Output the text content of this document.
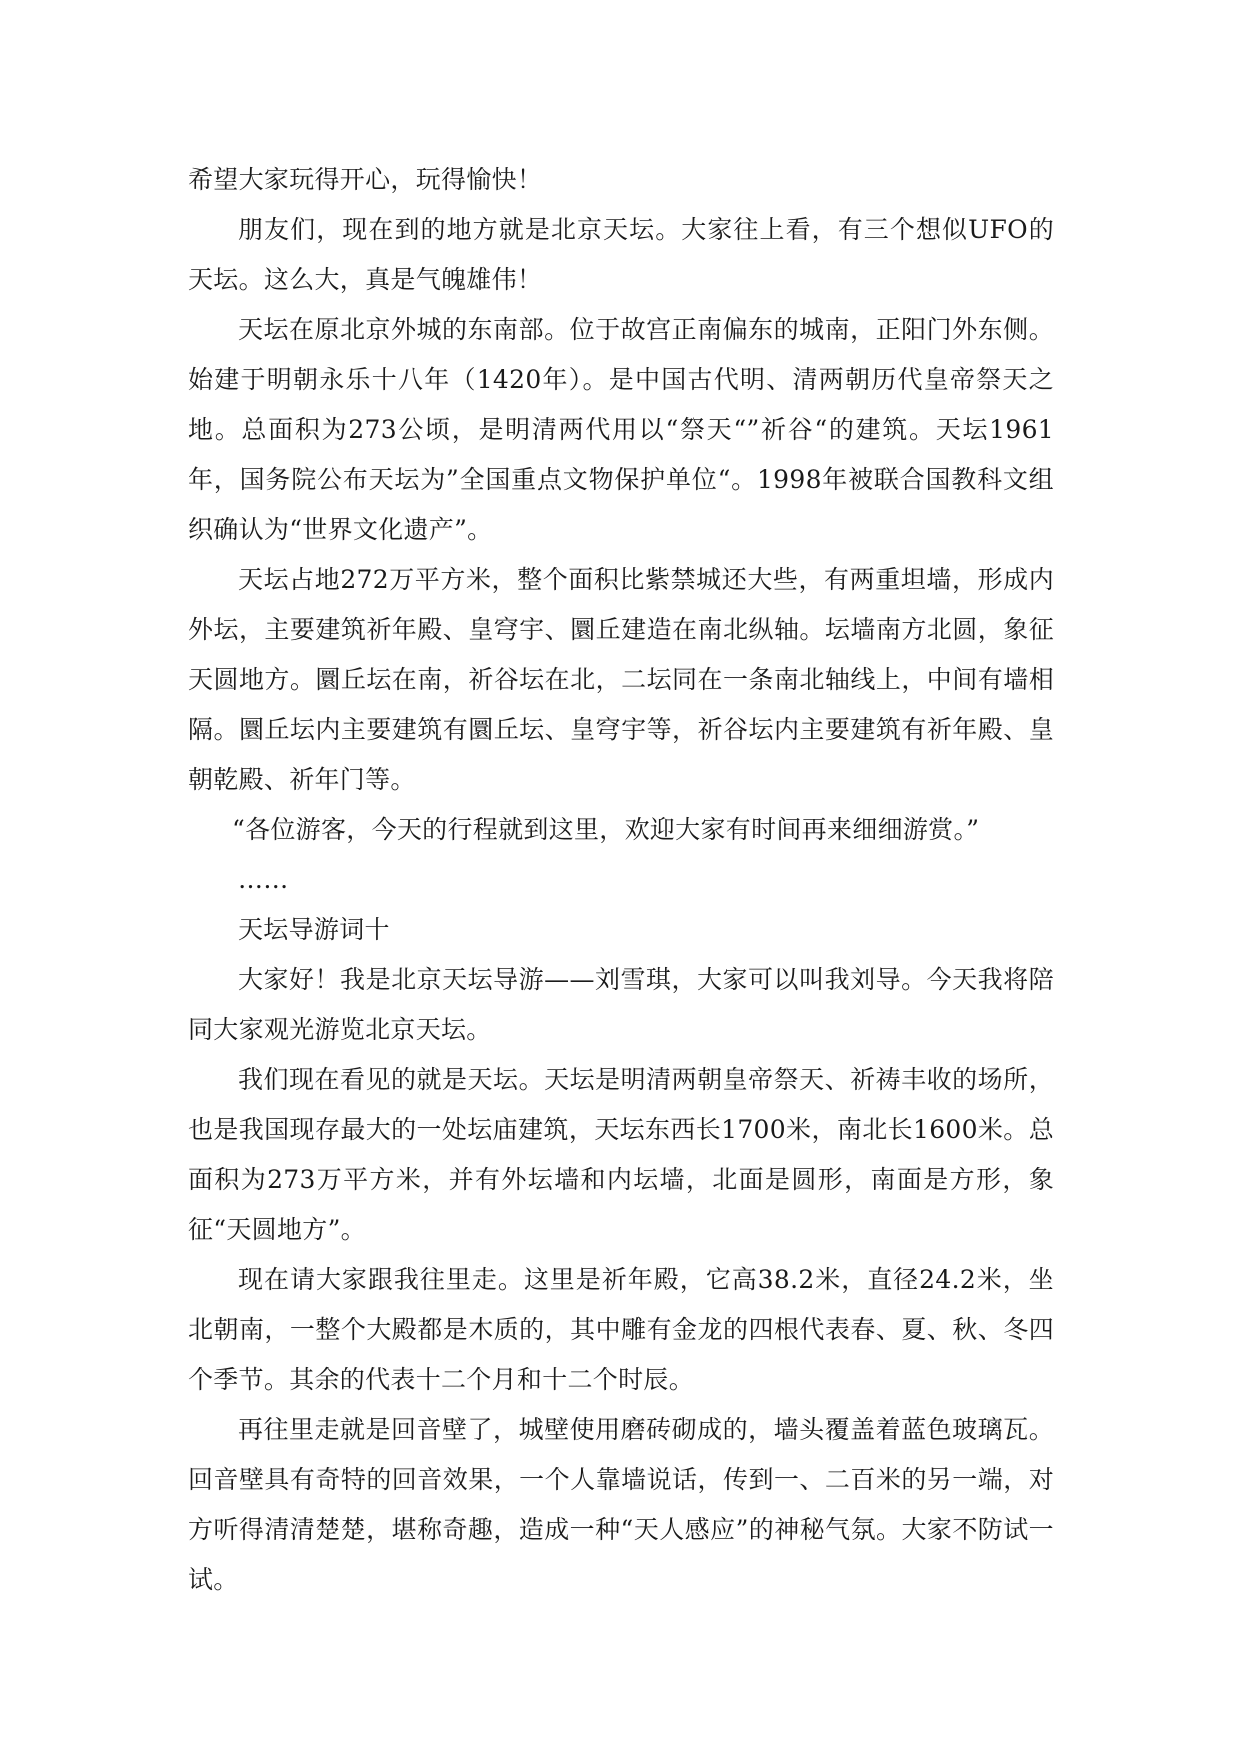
希望大家玩得开心，玩得愉快！

朋友们，现在到的地方就是北京天坛。大家往上看，有三个想似UFO的天坛。这么大，真是气魄雄伟！

天坛在原北京外城的东南部。位于故宫正南偏东的城南，正阳门外东侧。始建于明朝永乐十八年（1420年）。是中国古代明、清两朝历代皇帝祭天之地。总面积为273公顷，是明清两代用以“祭天“”祈谷“的建筑。天坛1961年，国务院公布天坛为”全国重点文物保护单位“。1998年被联合国教科文组织确认为“世界文化遗产”。

天坛占地272万平方米，整个面积比紫禁城还大些，有两重坦墙，形成内外坛，主要建筑祈年殿、皇穹宇、圜丘建造在南北纵轴。坛墙南方北圆，象征天圆地方。圜丘坛在南，祈谷坛在北，二坛同在一条南北轴线上，中间有墙相隔。圜丘坛内主要建筑有圜丘坛、皇穹宇等，祈谷坛内主要建筑有祈年殿、皇朝乾殿、祈年门等。

“各位游客，今天的行程就到这里，欢迎大家有时间再来细细游赏。”

……

天坛导游词十

大家好！我是北京天坛导游——刘雪琪，大家可以叫我刘导。今天我将陪同大家观光游览北京天坛。

我们现在看见的就是天坛。天坛是明清两朝皇帝祭天、祈祷丰收的场所，也是我国现存最大的一处坛庙建筑，天坛东西长1700米，南北长1600米。总面积为273万平方米，并有外坛墙和内坛墙，北面是圆形，南面是方形，象征“天圆地方”。

现在请大家跟我往里走。这里是祈年殿，它高38.2米，直径24.2米，坐北朝南，一整个大殿都是木质的，其中雕有金龙的四根代表春、夏、秋、冬四个季节。其余的代表十二个月和十二个时辰。

再往里走就是回音壁了，城壁使用磨砖砌成的，墙头覆盖着蓝色玻璃瓦。回音壁具有奇特的回音效果，一个人靠墙说话，传到一、二百米的另一端，对方听得清清楚楚，堪称奇趣，造成一种“天人感应”的神秘气氛。大家不防试一试。
